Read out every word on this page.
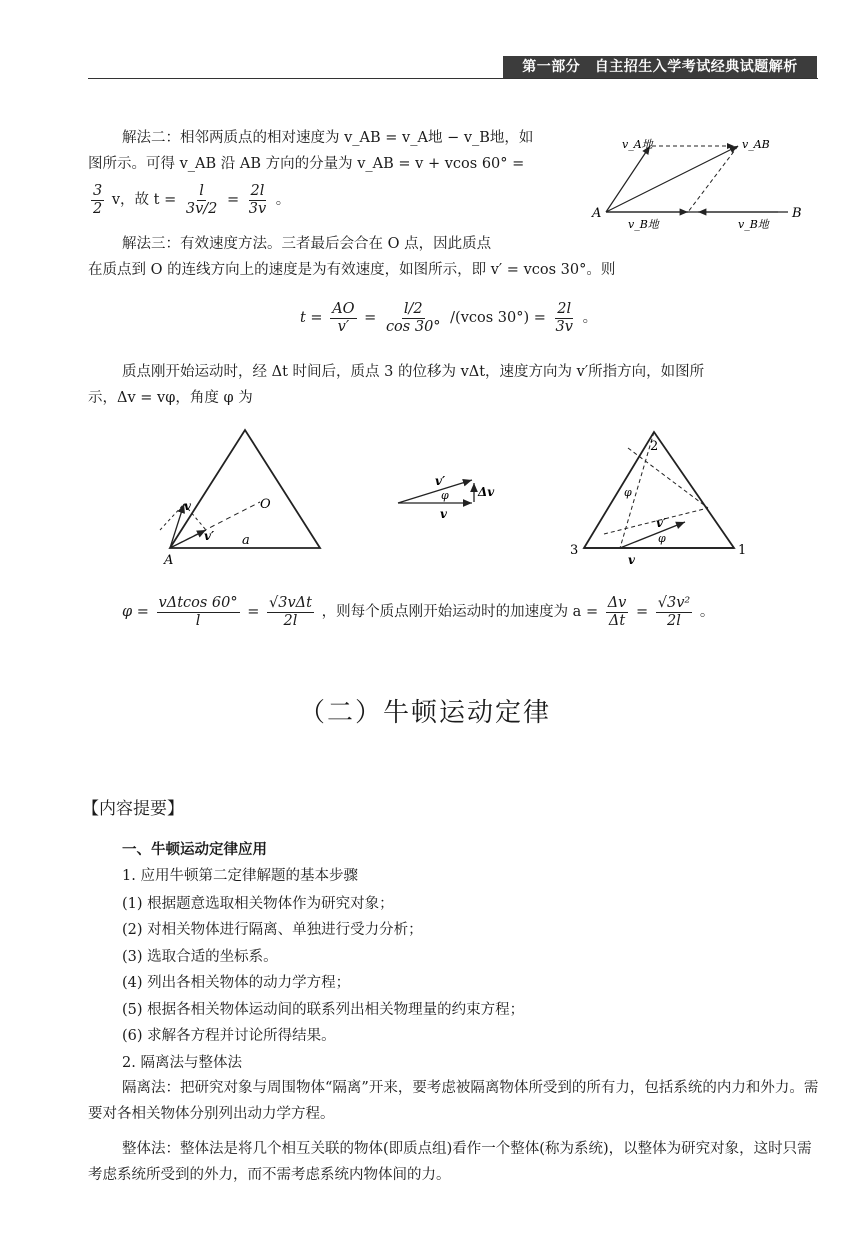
第一部分　自主招生入学考试经典试题解析
解法二：相邻两质点的相对速度为 v_AB = v_A地 − v_B地，如
图所示。可得 v_AB 沿 AB 方向的分量为 v_AB = v + vcos 60° =
$\frac{3}{2}$ v，故 $t = \frac{l}{3v/2} = \frac{2l}{3v}$ 。
v_A地	v_AB
A	B
v_B地	v_B地
解法三：有效速度方法。三者最后会合在 O 点，因此质点
在质点到 O 的连线方向上的速度是为有效速度，如图所示，即 v′ = vcos 30°。则
$t = \frac{AO}{v'} = \frac{l/2}{\cos 30^\circ} /(vcos$ $30^\circ) = \frac{2l}{3v}$ 。
质点刚开始运动时，经 Δt 时间后，质点 3 的位移为 vΔt，速度方向为 v′所指方向，如图所
示，Δv = vφ，角度 φ 为
v
v′
O
A
a
v′
φ Δv
v
1
2
3
φ
φ
v′
v
$\varphi = \frac{\text{vΔtcos 60°}}{l} = \frac{\text{√3vΔt}}{2l}$ ，则每个质点刚开始运动时的加速度为 $a = \frac{\Delta v}{\Delta t} = \frac{\text{√3v²}}{2l}$ 。
（二）牛顿运动定律
【内容提要】
一、牛顿运动定律应用
1. 应用牛顿第二定律解题的基本步骤
(1) 根据题意选取相关物体作为研究对象；
(2) 对相关物体进行隔离、单独进行受力分析；
(3) 选取合适的坐标系。
(4) 列出各相关物体的动力学方程；
(5) 根据各相关物体运动间的联系列出相关物理量的约束方程；
(6) 求解各方程并讨论所得结果。
2. 隔离法与整体法
隔离法：把研究对象与周围物体“隔离”开来，要考虑被隔离物体所受到的所有力，包括系统的内力和外力。需要对各相关物体分别列出动力学方程。
整体法：整体法是将几个相互关联的物体(即质点组)看作一个整体(称为系统)，以整体为研究对象，这时只需考虑系统所受到的外力，而不需考虑系统内物体间的力。
